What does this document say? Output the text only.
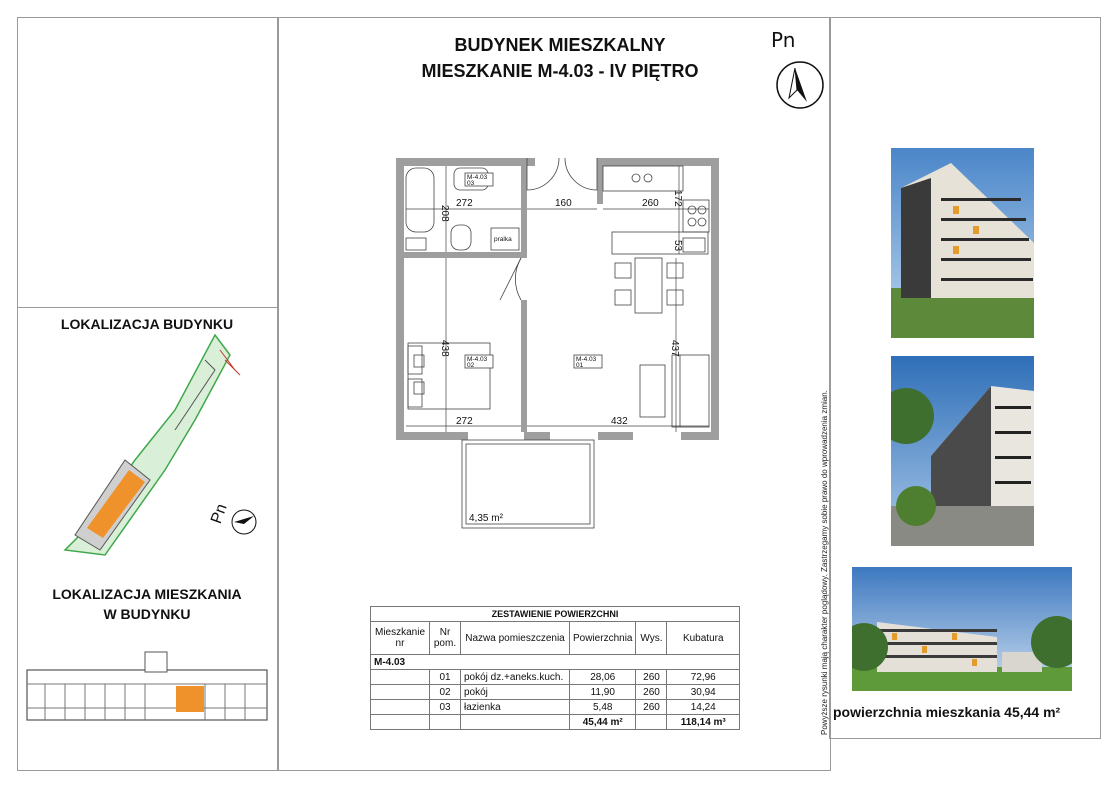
BUDYNEK MIESZKALNY
MIESZKANIE M-4.03 - IV PIĘTRO
Pn
M-4.03
03
M-4.03
02
M-4.03
01
pralka
272	160	260
272	432
208
172
53
438	437
4,35 m²
LOKALIZACJA BUDYNKU
Pn
LOKALIZACJA MIESZKANIA
W BUDYNKU	ZESTAWIENIE POWIERZCHNI					
Mieszkanie nr	Nr pom.	Nazwa pomieszczenia	Powierzchnia	Wys.	Kubatura
M-4.03					
	01	pokój dz.+aneks.kuch.	28,06	260	72,96
	02	pokój	11,90	260	30,94
	03	łazienka	5,48	260	14,24
			45,44 m²		118,14 m³	Powyższe rysunki mają charakter poglądowy. Zastrzegamy sobie prawo do wprowadzenia zmian. powierzchnia mieszkania 45,44 m²
